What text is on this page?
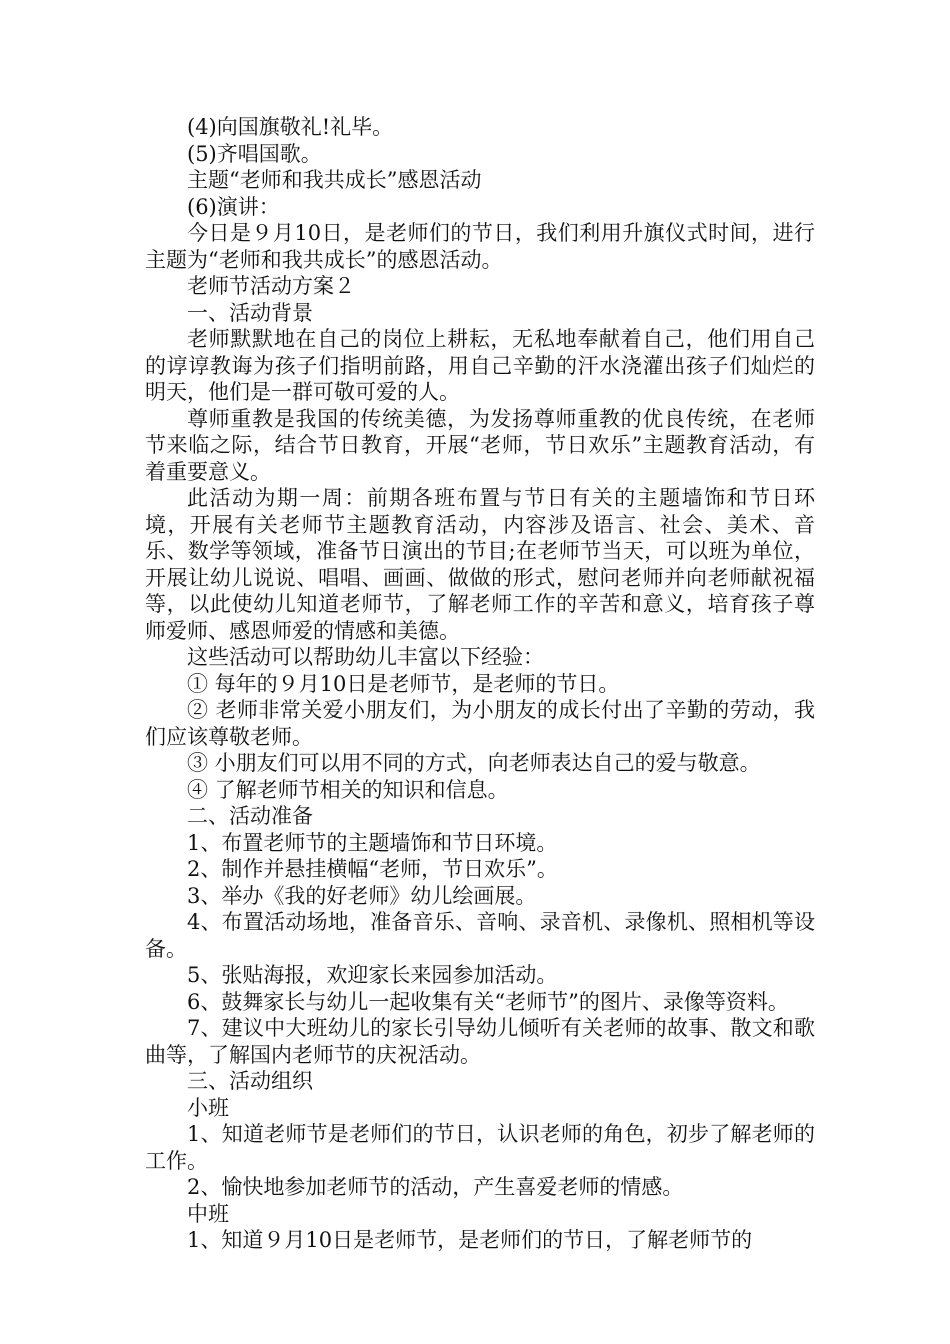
(4)向国旗敬礼!礼毕。

(5)齐唱国歌。

主题“老师和我共成长”感恩活动

(6)演讲：

今日是９月10日，是老师们的节日，我们利用升旗仪式时间，进行主题为“老师和我共成长”的感恩活动。

老师节活动方案２

一、活动背景

老师默默地在自己的岗位上耕耘，无私地奉献着自己，他们用自己的谆谆教诲为孩子们指明前路，用自己辛勤的汗水浇灌出孩子们灿烂的明天，他们是一群可敬可爱的人。

尊师重教是我国的传统美德，为发扬尊师重教的优良传统，在老师节来临之际，结合节日教育，开展“老师，节日欢乐”主题教育活动，有着重要意义。

此活动为期一周：前期各班布置与节日有关的主题墙饰和节日环境，开展有关老师节主题教育活动，内容涉及语言、社会、美术、音乐、数学等领域，准备节日演出的节目;在老师节当天，可以班为单位，开展让幼儿说说、唱唱、画画、做做的形式，慰问老师并向老师献祝福等，以此使幼儿知道老师节，了解老师工作的辛苦和意义，培育孩子尊师爱师、感恩师爱的情感和美德。

这些活动可以帮助幼儿丰富以下经验：

① 每年的９月10日是老师节，是老师的节日。

② 老师非常关爱小朋友们，为小朋友的成长付出了辛勤的劳动，我们应该尊敬老师。

③ 小朋友们可以用不同的方式，向老师表达自己的爱与敬意。

④ 了解老师节相关的知识和信息。

二、活动准备

1、布置老师节的主题墙饰和节日环境。

2、制作并悬挂横幅“老师，节日欢乐”。

3、举办《我的好老师》幼儿绘画展。

4、布置活动场地，准备音乐、音响、录音机、录像机、照相机等设备。

5、张贴海报，欢迎家长来园参加活动。

6、鼓舞家长与幼儿一起收集有关“老师节”的图片、录像等资料。

7、建议中大班幼儿的家长引导幼儿倾听有关老师的故事、散文和歌曲等，了解国内老师节的庆祝活动。

三、活动组织

小班

1、知道老师节是老师们的节日，认识老师的角色，初步了解老师的工作。

2、愉快地参加老师节的活动，产生喜爱老师的情感。

中班

1、知道９月10日是老师节，是老师们的节日，了解老师节的
